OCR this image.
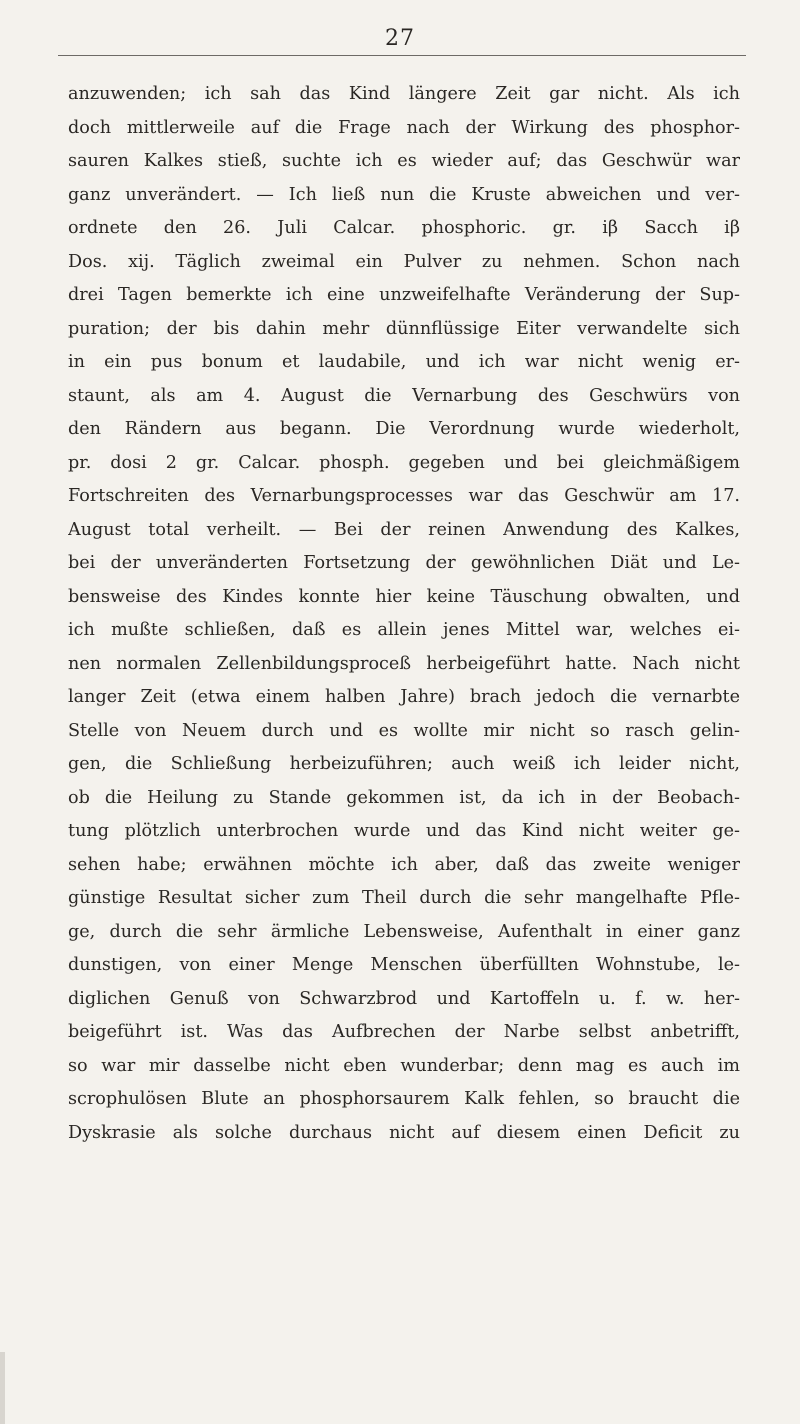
27
anzuwenden; ich sah das Kind längere Zeit gar nicht. Als ich
doch mittlerweile auf die Frage nach der Wirkung des phosphor-
sauren Kalkes stieß, suchte ich es wieder auf; das Geschwür war
ganz unverändert. — Ich ließ nun die Kruste abweichen und ver-
ordnete den 26. Juli Calcar. phosphoric. gr. iβ Sacch iβ
Dos. xij. Täglich zweimal ein Pulver zu nehmen. Schon nach
drei Tagen bemerkte ich eine unzweifelhafte Veränderung der Sup-
puration; der bis dahin mehr dünnflüssige Eiter verwandelte sich
in ein pus bonum et laudabile, und ich war nicht wenig er-
staunt, als am 4. August die Vernarbung des Geschwürs von
den Rändern aus begann. Die Verordnung wurde wiederholt,
pr. dosi 2 gr. Calcar. phosph. gegeben und bei gleichmäßigem
Fortschreiten des Vernarbungsprocesses war das Geschwür am 17.
August total verheilt. — Bei der reinen Anwendung des Kalkes,
bei der unveränderten Fortsetzung der gewöhnlichen Diät und Le-
bensweise des Kindes konnte hier keine Täuschung obwalten, und
ich mußte schließen, daß es allein jenes Mittel war, welches ei-
nen normalen Zellenbildungsproceß herbeigeführt hatte. Nach nicht
langer Zeit (etwa einem halben Jahre) brach jedoch die vernarbte
Stelle von Neuem durch und es wollte mir nicht so rasch gelin-
gen, die Schließung herbeizuführen; auch weiß ich leider nicht,
ob die Heilung zu Stande gekommen ist, da ich in der Beobach-
tung plötzlich unterbrochen wurde und das Kind nicht weiter ge-
sehen habe; erwähnen möchte ich aber, daß das zweite weniger
günstige Resultat sicher zum Theil durch die sehr mangelhafte Pfle-
ge, durch die sehr ärmliche Lebensweise, Aufenthalt in einer ganz
dunstigen, von einer Menge Menschen überfüllten Wohnstube, le-
diglichen Genuß von Schwarzbrod und Kartoffeln u. f. w. her-
beigeführt ist. Was das Aufbrechen der Narbe selbst anbetrifft,
so war mir dasselbe nicht eben wunderbar; denn mag es auch im
scrophulösen Blute an phosphorsaurem Kalk fehlen, so braucht die
Dyskrasie als solche durchaus nicht auf diesem einen Deficit zu
